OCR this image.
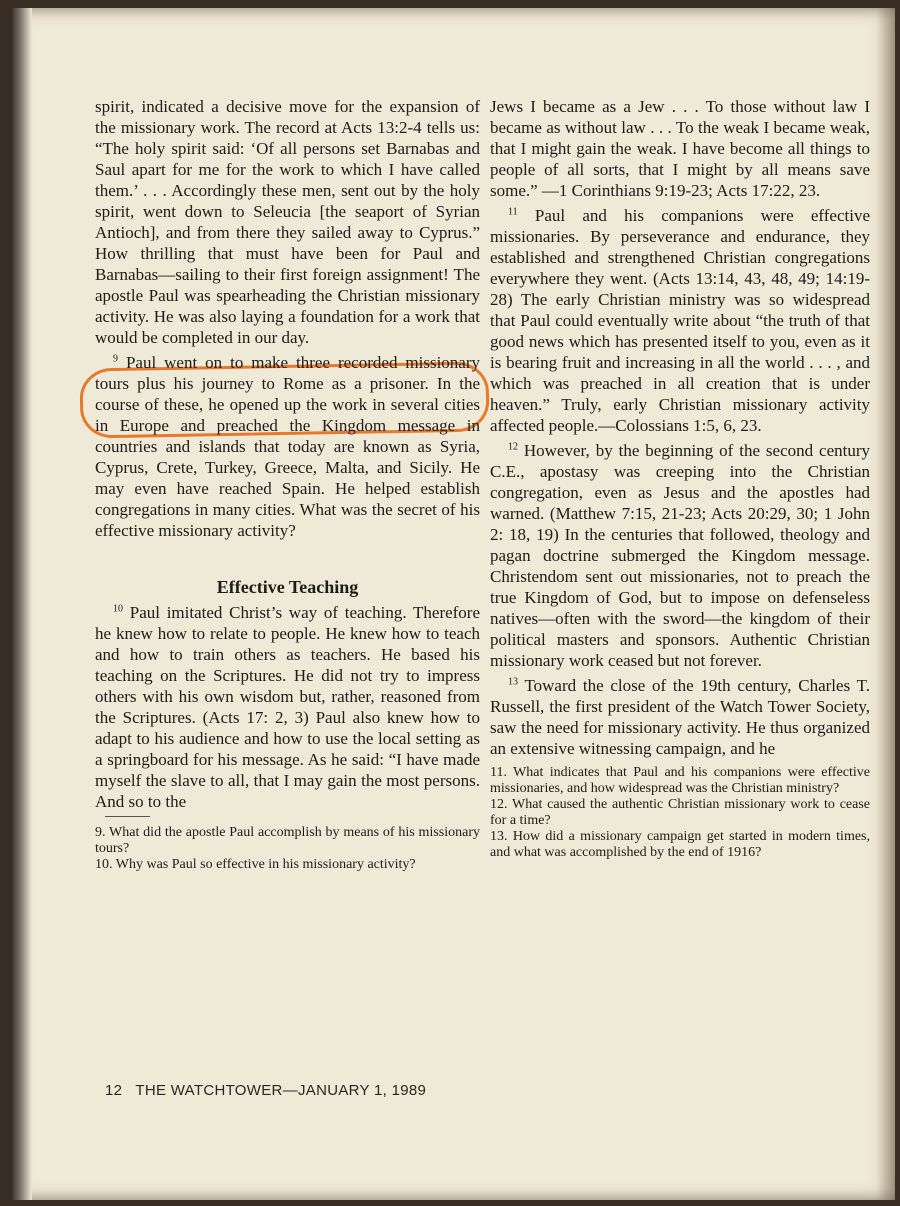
spirit, indicated a decisive move for the expansion of the missionary work. The record at Acts 13:2-4 tells us: “The holy spirit said: ‘Of all persons set Barnabas and Saul apart for me for the work to which I have called them.’ . . . Accordingly these men, sent out by the holy spirit, went down to Seleucia [the seaport of Syrian Antioch], and from there they sailed away to Cyprus.” How thrilling that must have been for Paul and Barnabas—sailing to their first foreign assignment! The apostle Paul was spearheading the Christian missionary activity. He was also laying a foundation for a work that would be completed in our day.

$^9$ Paul went on to make three recorded missionary tours plus his journey to Rome as a prisoner. In the course of these, he opened up the work in several cities in Europe and preached the Kingdom message in countries and islands that today are known as Syria, Cyprus, Crete, Turkey, Greece, Malta, and Sicily. He may even have reached Spain. He helped establish congregations in many cities. What was the secret of his effective missionary activity?

Effective Teaching

$^{10}$ Paul imitated Christ’s way of teaching. Therefore he knew how to relate to people. He knew how to teach and how to train others as teachers. He based his teaching on the Scriptures. He did not try to impress others with his own wisdom but, rather, reasoned from the Scriptures. (Acts 17: 2, 3) Paul also knew how to adapt to his audience and how to use the local setting as a springboard for his message. As he said: “I have made myself the slave to all, that I may gain the most persons. And so to the

9. What did the apostle Paul accomplish by means of his missionary tours?

10. Why was Paul so effective in his missionary activity?

Jews I became as a Jew . . . To those without law I became as without law . . . To the weak I became weak, that I might gain the weak. I have become all things to people of all sorts, that I might by all means save some.” —1 Corinthians 9:19-23; Acts 17:22, 23.

$^{11}$ Paul and his companions were effective missionaries. By perseverance and endurance, they established and strengthened Christian congregations everywhere they went. (Acts 13:14, 43, 48, 49; 14:19-28) The early Christian ministry was so widespread that Paul could eventually write about “the truth of that good news which has presented itself to you, even as it is bearing fruit and increasing in all the world . . . , and which was preached in all creation that is under heaven.” Truly, early Christian missionary activity affected people.—Colossians 1:5, 6, 23.

$^{12}$ However, by the beginning of the second century C.E., apostasy was creeping into the Christian congregation, even as Jesus and the apostles had warned. (Matthew 7:15, 21-23; Acts 20:29, 30; 1 John 2: 18, 19) In the centuries that followed, theology and pagan doctrine submerged the Kingdom message. Christendom sent out missionaries, not to preach the true Kingdom of God, but to impose on defenseless natives—often with the sword—the kingdom of their political masters and sponsors. Authentic Christian missionary work ceased but not forever.

$^{13}$ Toward the close of the 19th century, Charles T. Russell, the first president of the Watch Tower Society, saw the need for missionary activity. He thus organized an extensive witnessing campaign, and he

11. What indicates that Paul and his companions were effective missionaries, and how widespread was the Christian ministry?

12. What caused the authentic Christian missionary work to cease for a time?

13. How did a missionary campaign get started in modern times, and what was accomplished by the end of 1916?

12   THE WATCHTOWER—JANUARY 1, 1989
